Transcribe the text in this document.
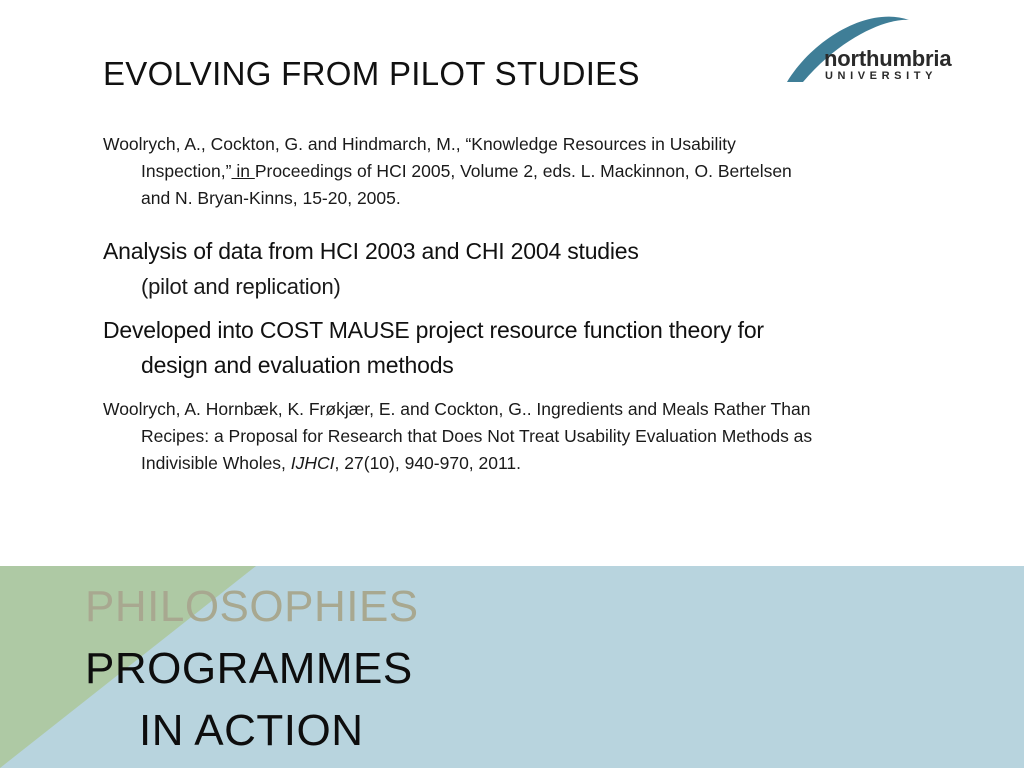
EVOLVING FROM PILOT STUDIES	northumbria
UNIVERSITY

Woolrych, A., Cockton, G. and Hindmarch, M., “Knowledge Resources in Usability Inspection,” in Proceedings of HCI 2005, Volume 2, eds. L. Mackinnon, O. Bertelsen and N. Bryan-Kinns, 15-20, 2005.

Analysis of data from HCI 2003 and CHI 2004 studies
(pilot and replication)

Developed into COST MAUSE project resource function theory for design and evaluation methods

Woolrych, A. Hornbæk, K. Frøkjær, E. and Cockton, G.. Ingredients and Meals Rather Than Recipes: a Proposal for Research that Does Not Treat Usability Evaluation Methods as Indivisible Wholes, IJHCI, 27(10), 940-970, 2011.

PHILOSOPHIES
PROGRAMMES
IN ACTION
